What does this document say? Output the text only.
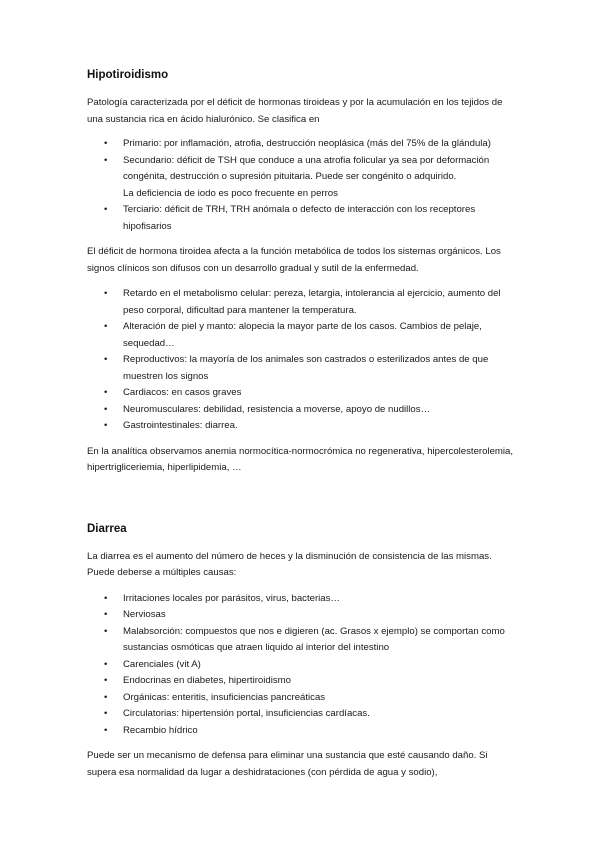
Hipotiroidismo

Patología caracterizada por el déficit de hormonas tiroideas y por la acumulación en los tejidos de una sustancia rica en ácido hialurónico. Se clasifica en

• Primario: por inflamación, atrofia, destrucción neoplásica (más del 75% de la glándula)
• Secundario: déficit de TSH que conduce a una atrofia folicular ya sea por deformación congénita, destrucción o supresión pituitaria. Puede ser congénito o adquirido.
La deficiencia de iodo es poco frecuente en perros
• Terciario: déficit de TRH, TRH anómala o defecto de interacción con los receptores hipofisarios

El déficit de hormona tiroidea afecta a la función metabólica de todos los sistemas orgánicos. Los signos clínicos son difusos con un desarrollo gradual y sutil de la enfermedad.

• Retardo en el metabolismo celular: pereza, letargia, intolerancia al ejercicio, aumento del peso corporal, dificultad para mantener la temperatura.
• Alteración de piel y manto: alopecia la mayor parte de los casos. Cambios de pelaje, sequedad…
• Reproductivos: la mayoría de los animales son castrados o esterilizados antes de que muestren los signos
• Cardiacos: en casos graves
• Neuromusculares: debilidad, resistencia a moverse, apoyo de nudillos…
• Gastrointestinales: diarrea.

En la analítica observamos anemia normocítica-normocrómica no regenerativa, hipercolesterolemia, hipertrigliceriemia, hiperlipidemia, …

Diarrea

La diarrea es el aumento del número de heces y la disminución de consistencia de las mismas. Puede deberse a múltiples causas:

• Irritaciones locales por parásitos, virus, bacterias…
• Nerviosas
• Malabsorción: compuestos que nos e digieren (ac. Grasos x ejemplo) se comportan como sustancias osmóticas que atraen liquido al interior del intestino
• Carenciales (vit A)
• Endocrinas en diabetes, hipertiroidismo
• Orgánicas: enteritis, insuficiencias pancreáticas
• Circulatorias: hipertensión portal, insuficiencias cardíacas.
• Recambio hídrico

Puede ser un mecanismo de defensa para eliminar una sustancia que esté causando daño. Si supera esa normalidad da lugar a deshidrataciones (con pérdida de agua y sodio),
